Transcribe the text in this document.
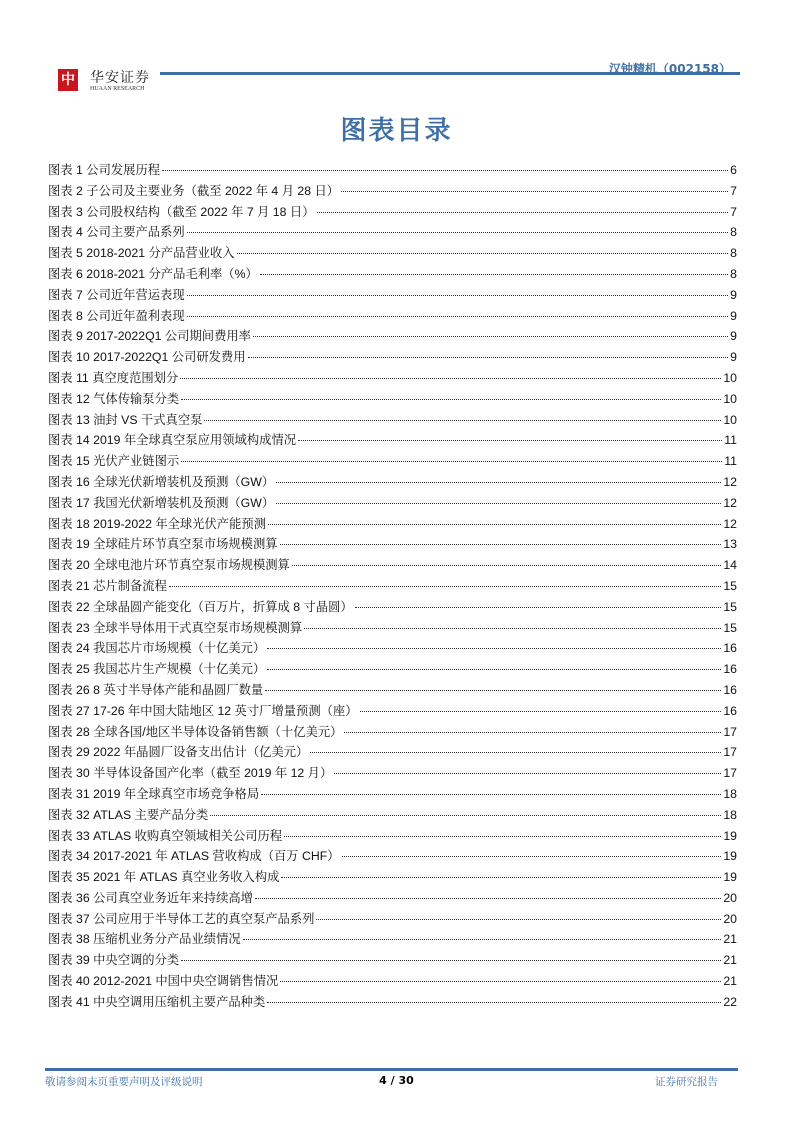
中 华安证券
HUAAN RESEARCH
汉钟精机（002158）
图表目录
图表 1 公司发展历程	6
图表 2 子公司及主要业务（截至 2022 年 4 月 28 日）	7
图表 3 公司股权结构（截至 2022 年 7 月 18 日）	7
图表 4 公司主要产品系列	8
图表 5 2018-2021 分产品营业收入	8
图表 6 2018-2021 分产品毛利率（%）	8
图表 7 公司近年营运表现	9
图表 8 公司近年盈利表现	9
图表 9 2017-2022Q1 公司期间费用率	9
图表 10 2017-2022Q1 公司研发费用	9
图表 11 真空度范围划分	10
图表 12 气体传输泵分类	10
图表 13 油封 VS 干式真空泵	10
图表 14 2019 年全球真空泵应用领域构成情况	11
图表 15 光伏产业链图示	11
图表 16 全球光伏新增装机及预测（GW）	12
图表 17 我国光伏新增装机及预测（GW）	12
图表 18 2019-2022 年全球光伏产能预测	12
图表 19 全球硅片环节真空泵市场规模测算	13
图表 20 全球电池片环节真空泵市场规模测算	14
图表 21 芯片制备流程	15
图表 22 全球晶圆产能变化（百万片，折算成 8 寸晶圆）	15
图表 23 全球半导体用干式真空泵市场规模测算	15
图表 24 我国芯片市场规模（十亿美元）	16
图表 25 我国芯片生产规模（十亿美元）	16
图表 26 8 英寸半导体产能和晶圆厂数量	16
图表 27 17-26 年中国大陆地区 12 英寸厂增量预测（座）	16
图表 28 全球各国/地区半导体设备销售额（十亿美元）	17
图表 29 2022 年晶圆厂设备支出估计（亿美元）	17
图表 30 半导体设备国产化率（截至 2019 年 12 月）	17
图表 31 2019 年全球真空市场竞争格局	18
图表 32 ATLAS 主要产品分类	18
图表 33 ATLAS 收购真空领域相关公司历程	19
图表 34 2017-2021 年 ATLAS 营收构成（百万 CHF）	19
图表 35 2021 年 ATLAS 真空业务收入构成	19
图表 36 公司真空业务近年来持续高增	20
图表 37 公司应用于半导体工艺的真空泵产品系列	20
图表 38 压缩机业务分产品业绩情况	21
图表 39 中央空调的分类	21
图表 40 2012-2021 中国中央空调销售情况	21
图表 41 中央空调用压缩机主要产品种类	22
敬请参阅末页重要声明及评级说明	4 / 30	证券研究报告
